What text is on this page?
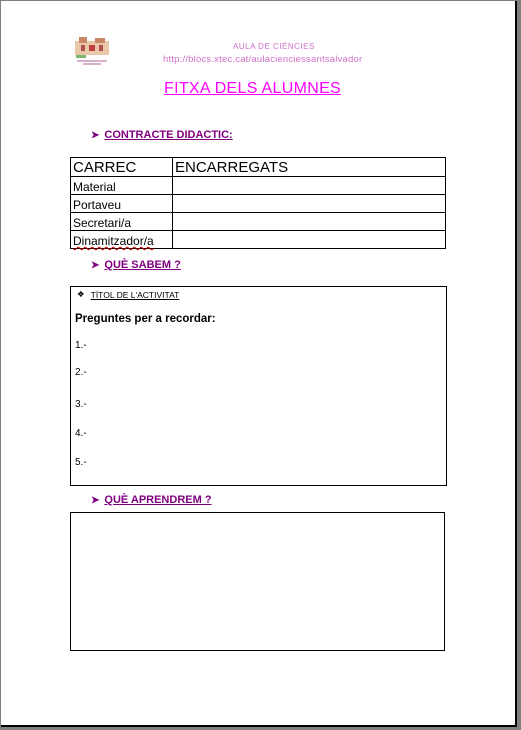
AULA DE CIÈNCIES
http://blocs.xtec.cat/aulacienciessantsalvador
FITXA DELS ALUMNES
➤ CONTRACTE DIDACTIC:
CARREC	ENCARREGATS
Material	
Portaveu	
Secretari/a	
Dinamitzador/a	
➤ QUÈ SABEM ?
❖ TÍTOL DE L'ACTIVITAT
Preguntes per a recordar:
1.-
2.-
3.-
4.-
5.-
➤ QUÈ APRENDREM ?
